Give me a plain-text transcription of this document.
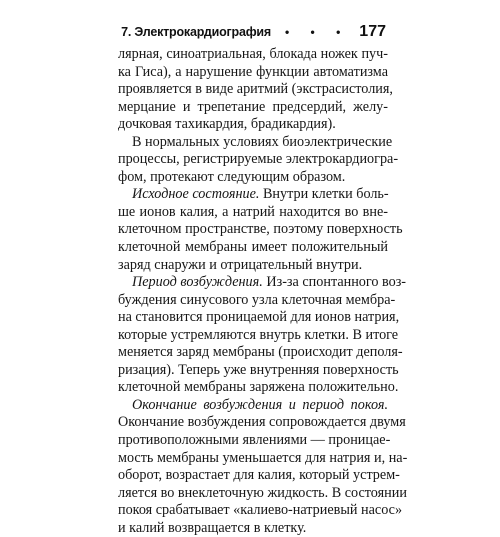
7. Электрокардиография • • • 177
лярная, синоатриальная, блокада ножек пуч-
ка Гиса), а нарушение функции автоматизма
проявляется в виде аритмий (экстрасистолия,
мерцание и трепетание предсердий, желу-
дочковая тахикардия, брадикардия).
В нормальных условиях биоэлектрические
процессы, регистрируемые электрокардиогра-
фом, протекают следующим образом.
Исходное состояние. Внутри клетки боль-
ше ионов калия, а натрий находится во вне-
клеточном пространстве, поэтому поверхность
клеточной мембраны имеет положительный
заряд снаружи и отрицательный внутри.
Период возбуждения. Из-за спонтанного воз-
буждения синусового узла клеточная мембра-
на становится проницаемой для ионов натрия,
которые устремляются внутрь клетки. В итоге
меняется заряд мембраны (происходит деполя-
ризация). Теперь уже внутренняя поверхность
клеточной мембраны заряжена положительно.
Окончание возбуждения и период покоя.
Окончание возбуждения сопровождается двумя
противоположными явлениями — проницае-
мость мембраны уменьшается для натрия и, на-
оборот, возрастает для калия, который устрем-
ляется во внеклеточную жидкость. В состоянии
покоя срабатывает «калиево-натриевый насос»
и калий возвращается в клетку.
